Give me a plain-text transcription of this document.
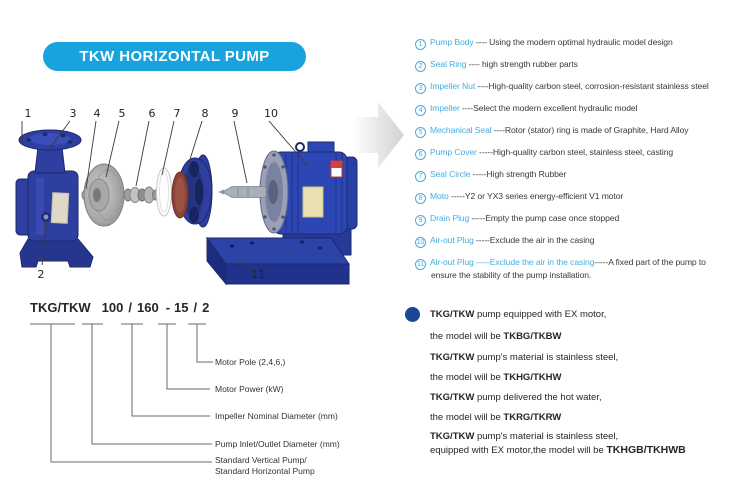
TKW HORIZONTAL PUMP
1	3 4 5 6 7 8 9 10
2	11
1 Pump Body ---- Using the modern optimal hydraulic model design
2 Seal Ring ---- high strength rubber parts
3 Impeller Nut ----High-quality carbon steel, corrosion-resistant stainless steel
4 Impeller ----Select the modern excellent hydraulic model
5 Mechanical Seal ----Rotor (stator) ring is made of Graphite, Hard Alloy
6 Pump Cover -----High-quality carbon steel, stainless steel, casting
7 Seal Circle -----High strength Rubber
8 Moto -----Y2 or YX3 series energy-efficient V1 motor
9 Drain Plug -----Empty the pump case once stopped
10 Air-out Plug -----Exclude the air in the casing
11 Air-out Plug -----Exclude the air in the casing-----A fixed part of the pump to
ensure the stability of the pump installation.
TKG/TKW 100 / 160 - 15 / 2
Motor Pole (2,4,6,)
Motor Power (kW)
Impeller Nominal Diameter (mm)
Pump Inlet/Outlet Diameter (mm)
Standard Vertical Pump/
Standard Horizontal Pump
TKG/TKW pump equipped with EX motor,
the model will be TKBG/TKBW
TKG/TKW pump's material is stainless steel,
the model will be TKHG/TKHW
TKG/TKW pump delivered the hot water,
the model will be TKRG/TKRW
TKG/TKW pump's material is stainless steel,
equipped with EX motor,the model will be TKHGB/TKHWB
